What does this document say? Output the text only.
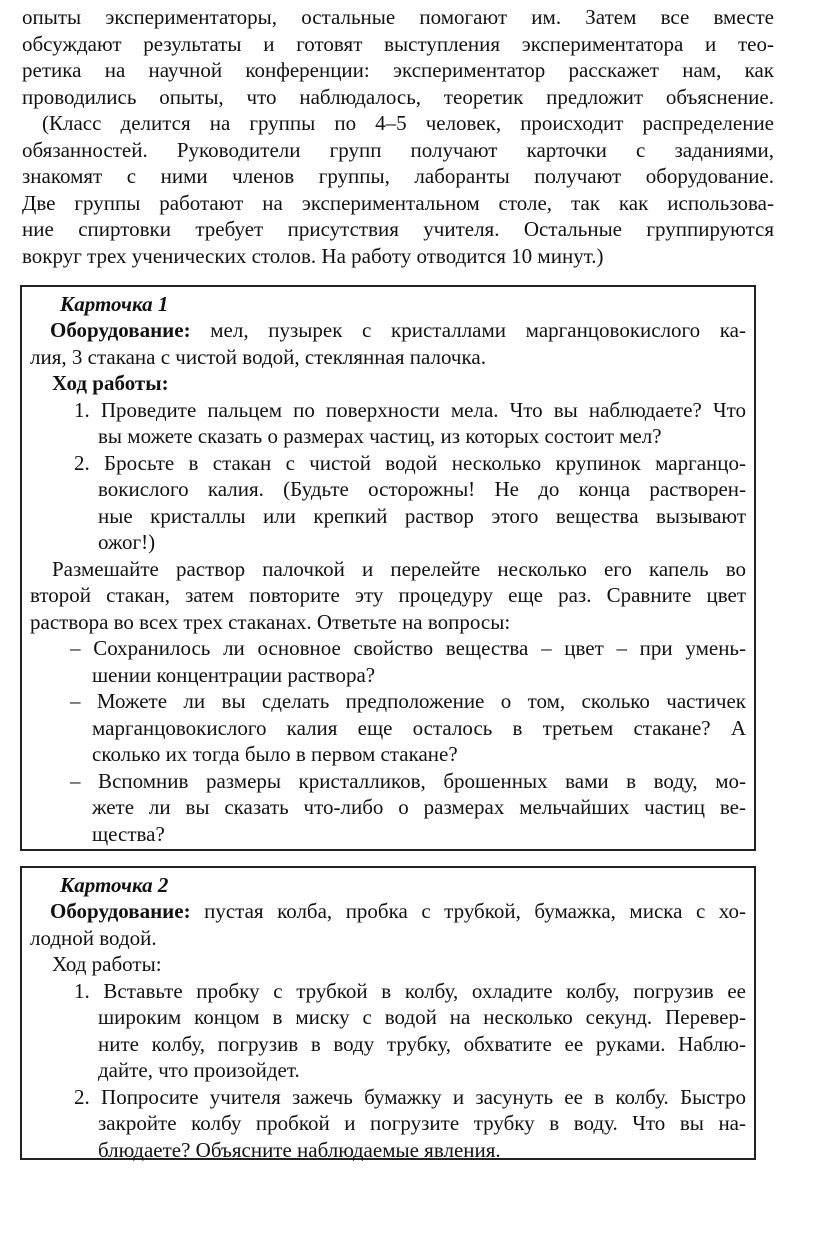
опыты экспериментаторы, остальные помогают им. Затем все вместе
обсуждают результаты и готовят выступления экспериментатора и тео-
ретика на научной конференции: экспериментатор расскажет нам, как
проводились опыты, что наблюдалось, теоретик предложит объяснение.
(Класс делится на группы по 4–5 человек, происходит распределение
обязанностей. Руководители групп получают карточки с заданиями,
знакомят с ними членов группы, лаборанты получают оборудование.
Две группы работают на экспериментальном столе, так как использова-
ние спиртовки требует присутствия учителя. Остальные группируются
вокруг трех ученических столов. На работу отводится 10 минут.)
Карточка 1
Оборудование: мел, пузырек с кристаллами марганцовокислого ка-
лия, 3 стакана с чистой водой, стеклянная палочка.
Ход работы:
1. Проведите пальцем по поверхности мела. Что вы наблюдаете? Что
вы можете сказать о размерах частиц, из которых состоит мел?
2. Бросьте в стакан с чистой водой несколько крупинок марганцо-
вокислого калия. (Будьте осторожны! Не до конца растворен-
ные кристаллы или крепкий раствор этого вещества вызывают
ожог!)
Размешайте раствор палочкой и перелейте несколько его капель во
второй стакан, затем повторите эту процедуру еще раз. Сравните цвет
раствора во всех трех стаканах. Ответьте на вопросы:
– Сохранилось ли основное свойство вещества – цвет – при умень-
шении концентрации раствора?
– Можете ли вы сделать предположение о том, сколько частичек
марганцовокислого калия еще осталось в третьем стакане? А
сколько их тогда было в первом стакане?
– Вспомнив размеры кристалликов, брошенных вами в воду, мо-
жете ли вы сказать что-либо о размерах мельчайших частиц ве-
щества?
Карточка 2
Оборудование: пустая колба, пробка с трубкой, бумажка, миска с хо-
лодной водой.
Ход работы:
1. Вставьте пробку с трубкой в колбу, охладите колбу, погрузив ее
широким концом в миску с водой на несколько секунд. Перевер-
ните колбу, погрузив в воду трубку, обхватите ее руками. Наблю-
дайте, что произойдет.
2. Попросите учителя зажечь бумажку и засунуть ее в колбу. Быстро
закройте колбу пробкой и погрузите трубку в воду. Что вы на-
блюдаете? Объясните наблюдаемые явления.
